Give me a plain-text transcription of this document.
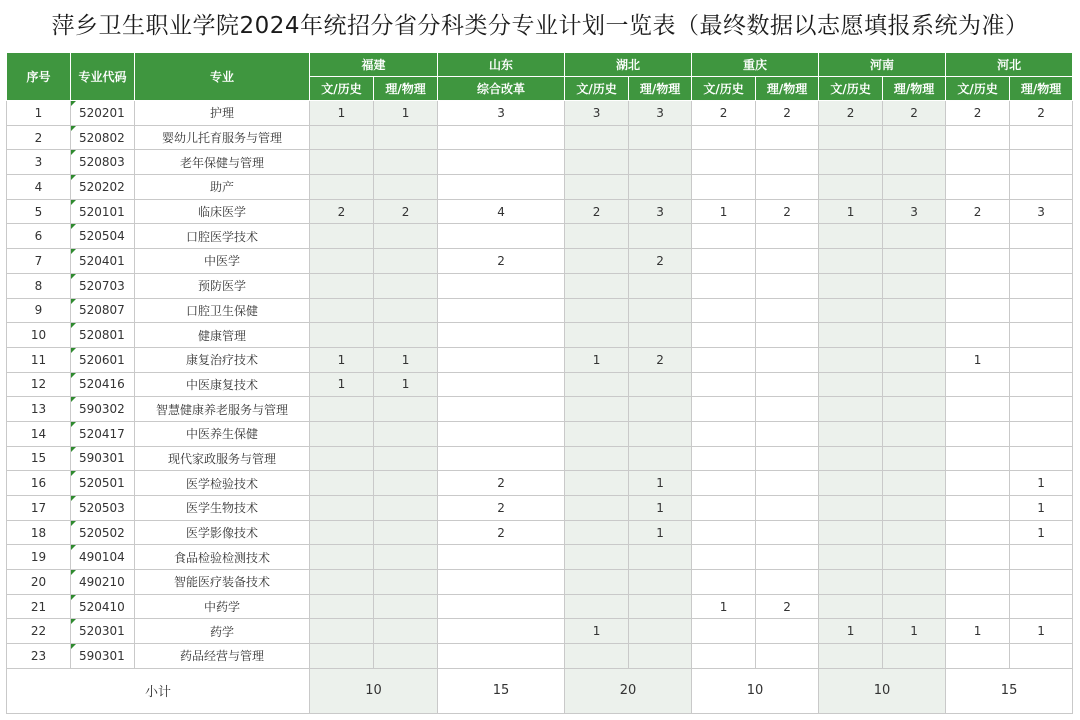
萍乡卫生职业学院2024年统招分省分科类分专业计划一览表（最终数据以志愿填报系统为准）
序号	专业代码	专业	福建		山东	湖北		重庆		河南		河北	
			文/历史	理/物理	综合改革	文/历史	理/物理	文/历史	理/物理	文/历史	理/物理	文/历史	理/物理
1	520201	护理	1	1	3	3	3	2	2	2	2	2	2
2	520802	婴幼儿托育服务与管理											
3	520803	老年保健与管理											
4	520202	助产											
5	520101	临床医学	2	2	4	2	3	1	2	1	3	2	3
6	520504	口腔医学技术											
7	520401	中医学			2		2						
8	520703	预防医学											
9	520807	口腔卫生保健											
10	520801	健康管理											
11	520601	康复治疗技术	1	1		1	2					1	
12	520416	中医康复技术	1	1									
13	590302	智慧健康养老服务与管理											
14	520417	中医养生保健											
15	590301	现代家政服务与管理											
16	520501	医学检验技术			2		1						1
17	520503	医学生物技术			2		1						1
18	520502	医学影像技术			2		1						1
19	490104	食品检验检测技术											
20	490210	智能医疗装备技术											
21	520410	中药学						1	2				
22	520301	药学				1				1	1	1	1
23	590301	药品经营与管理											
小计			10		15	20		10		10		15	
